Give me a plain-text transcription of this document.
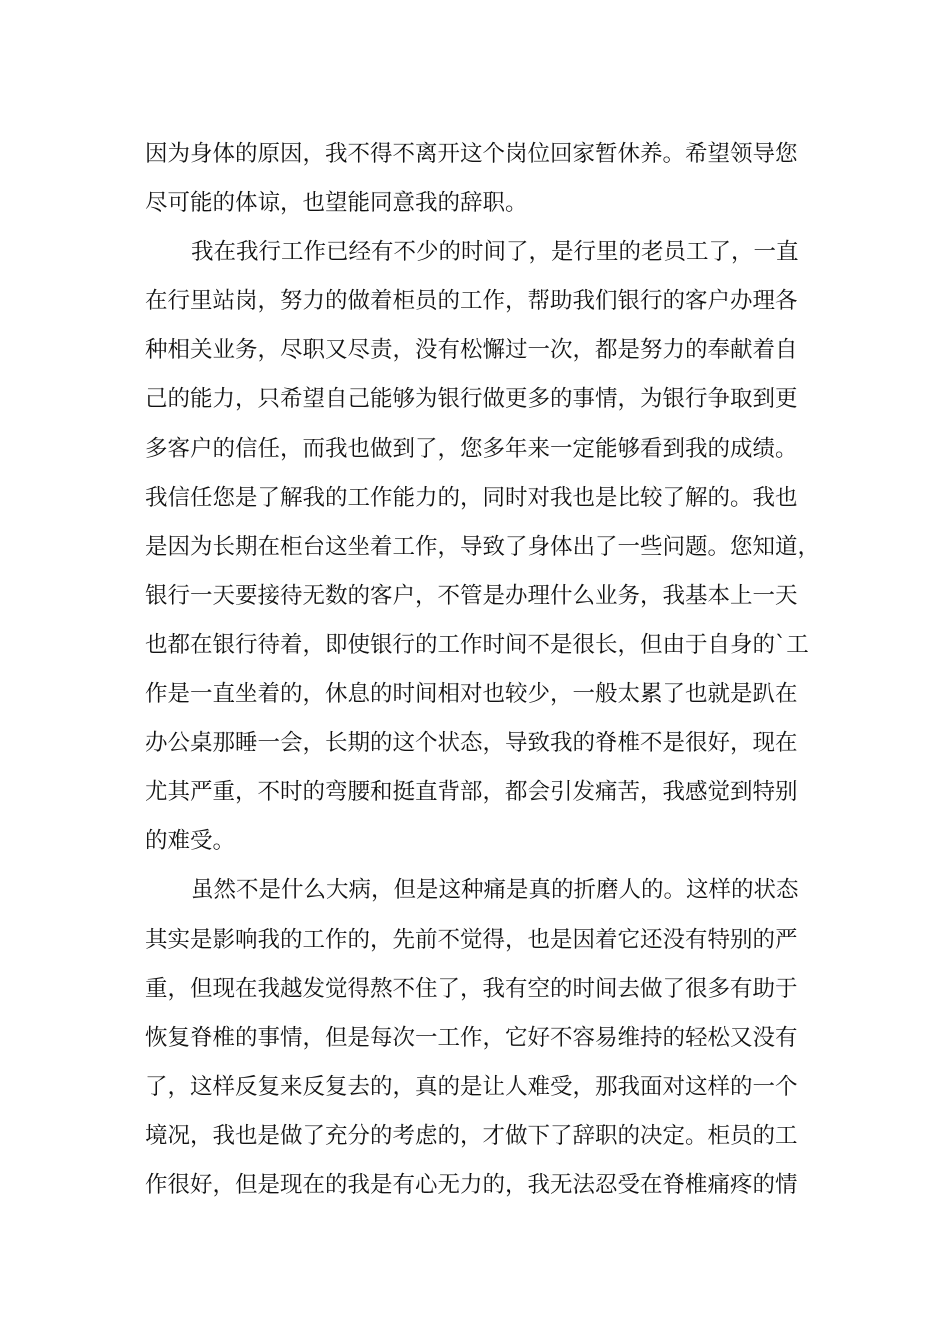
因为身体的原因，我不得不离开这个岗位回家暂休养。希望领导您
尽可能的体谅，也望能同意我的辞职。
我在我行工作已经有不少的时间了，是行里的老员工了，一直
在行里站岗，努力的做着柜员的工作，帮助我们银行的客户办理各
种相关业务，尽职又尽责，没有松懈过一次，都是努力的奉献着自
己的能力，只希望自己能够为银行做更多的事情，为银行争取到更
多客户的信任，而我也做到了，您多年来一定能够看到我的成绩。
我信任您是了解我的工作能力的，同时对我也是比较了解的。我也
是因为长期在柜台这坐着工作，导致了身体出了一些问题。您知道，
银行一天要接待无数的客户，不管是办理什么业务，我基本上一天
也都在银行待着，即使银行的工作时间不是很长，但由于自身的`工
作是一直坐着的，休息的时间相对也较少，一般太累了也就是趴在
办公桌那睡一会，长期的这个状态，导致我的脊椎不是很好，现在
尤其严重，不时的弯腰和挺直背部，都会引发痛苦，我感觉到特别
的难受。
虽然不是什么大病，但是这种痛是真的折磨人的。这样的状态
其实是影响我的工作的，先前不觉得，也是因着它还没有特别的严
重，但现在我越发觉得熬不住了，我有空的时间去做了很多有助于
恢复脊椎的事情，但是每次一工作，它好不容易维持的轻松又没有
了，这样反复来反复去的，真的是让人难受，那我面对这样的一个
境况，我也是做了充分的考虑的，才做下了辞职的决定。柜员的工
作很好，但是现在的我是有心无力的，我无法忍受在脊椎痛疼的情
